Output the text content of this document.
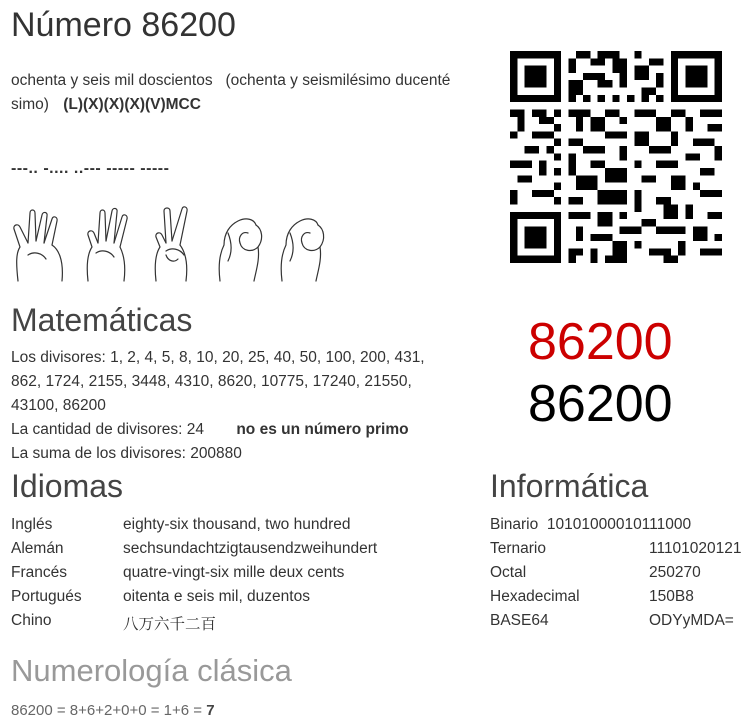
Número 86200
ochenta y seis mil doscientos   (ochenta y seismilésimo ducenté
simo) (L)(X)(X)(X)(V)MCC
---.. -.... ..--- ----- -----
Matemáticas
Los divisores: 1, 2, 4, 5, 8, 10, 20, 25, 40, 50, 100, 200, 431,
862, 1724, 2155, 3448, 4310, 8620, 10775, 17240, 21550,
43100, 86200
La cantidad de divisores: 24 no es un número primo
La suma de los divisores: 200880
86200
86200
Idiomas
Inglés	eighty-six thousand, two hundred
Alemán	sechsundachtzigtausendzweihundert
Francés	quatre-vingt-six mille deux cents
Portugués	oitenta e seis mil, duzentos
Chino	八万六千二百
Informática
Binario  10101000010111000
Ternario	11101020121
Octal	250270
Hexadecimal	150B8
BASE64	ODYyMDA=
Numerología clásica
86200 = 8+6+2+0+0 = 1+6 = 7
